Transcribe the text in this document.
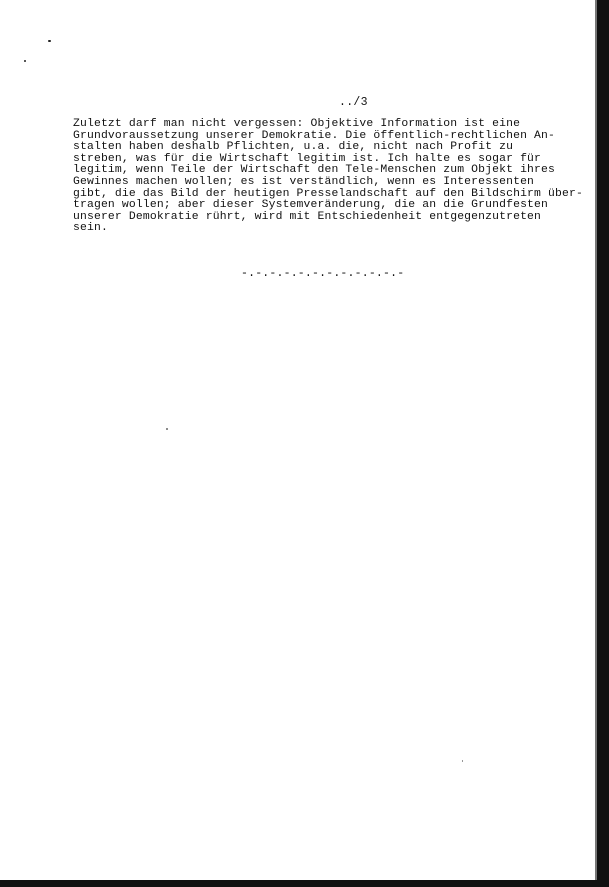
../3
Zuletzt darf man nicht vergessen: Objektive Information ist eine
Grundvoraussetzung unserer Demokratie. Die öffentlich-rechtlichen An-
stalten haben deshalb Pflichten, u.a. die, nicht nach Profit zu
streben, was für die Wirtschaft legitim ist. Ich halte es sogar für
legitim, wenn Teile der Wirtschaft den Tele-Menschen zum Objekt ihres
Gewinnes machen wollen; es ist verständlich, wenn es Interessenten
gibt, die das Bild der heutigen Presselandschaft auf den Bildschirm über-
tragen wollen; aber dieser Systemveränderung, die an die Grundfesten
unserer Demokratie rührt, wird mit Entschiedenheit entgegenzutreten
sein.
-.-.-.-.-.-.-.-.-.-.-.-
